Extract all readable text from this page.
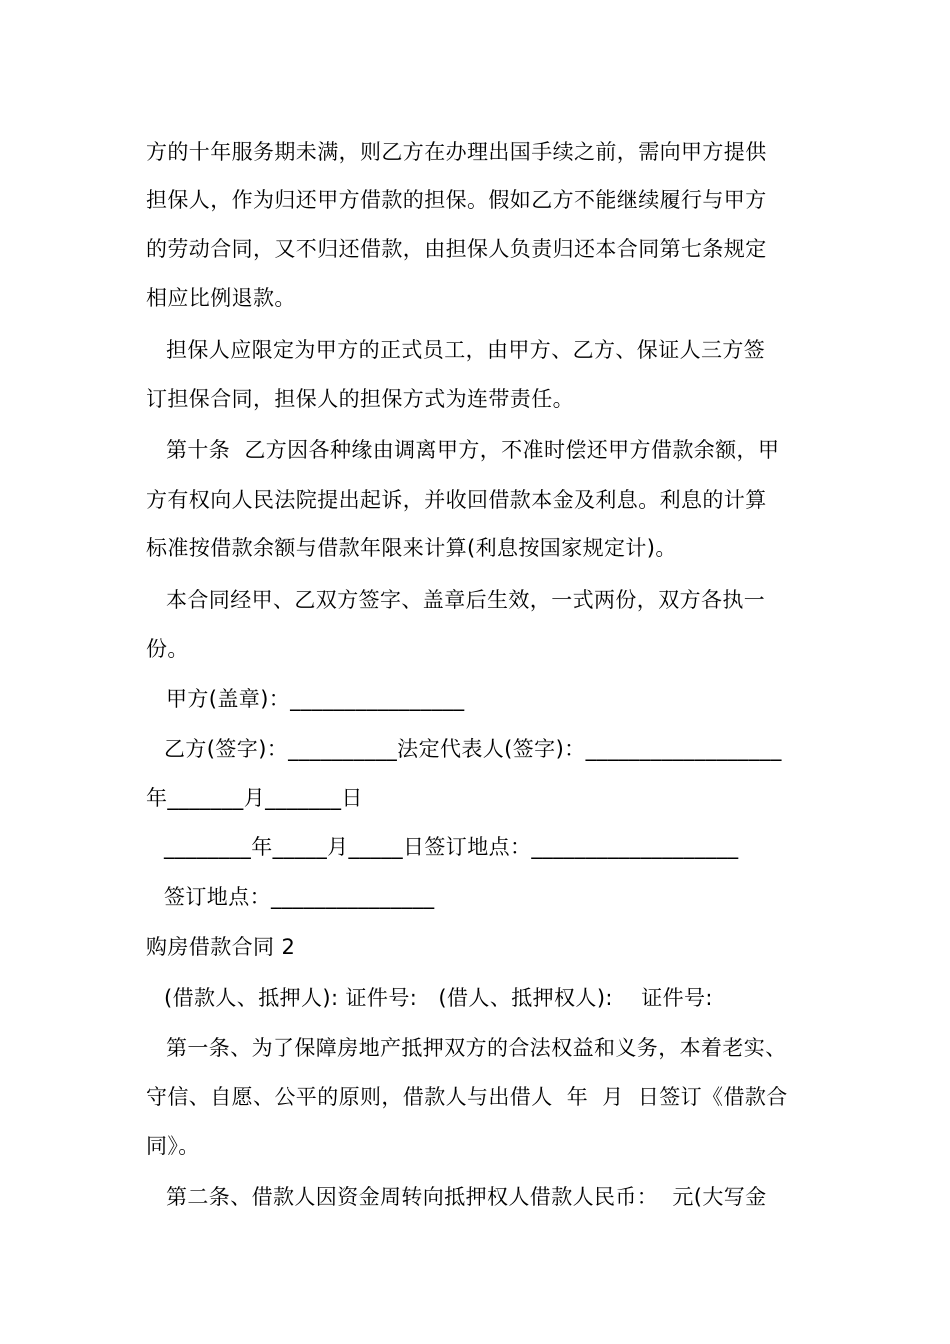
方的十年服务期未满，则乙方在办理出国手续之前，需向甲方提供
担保人，作为归还甲方借款的担保。假如乙方不能继续履行与甲方
的劳动合同，又不归还借款，由担保人负责归还本合同第七条规定
相应比例退款。
担保人应限定为甲方的正式员工，由甲方、乙方、保证人三方签
订担保合同，担保人的担保方式为连带责任。
第十条  乙方因各种缘由调离甲方，不准时偿还甲方借款余额，甲
方有权向人民法院提出起诉，并收回借款本金及利息。利息的计算
标准按借款余额与借款年限来计算(利息按国家规定计)。
本合同经甲、乙双方签字、盖章后生效，一式两份，双方各执一
份。
甲方(盖章)：________________
乙方(签字)：__________法定代表人(签字)：__________________
年_______月_______日
________年_____月_____日签订地点：___________________
签订地点：_______________
购房借款合同 2
(借款人、抵押人): 证件号:   (借人、抵押权人):    证件号:
第一条、为了保障房地产抵押双方的合法权益和义务，本着老实、
守信、自愿、公平的原则，借款人与出借人  年  月  日签订《借款合
同》。
第二条、借款人因资金周转向抵押权人借款人民币：  元(大写金
